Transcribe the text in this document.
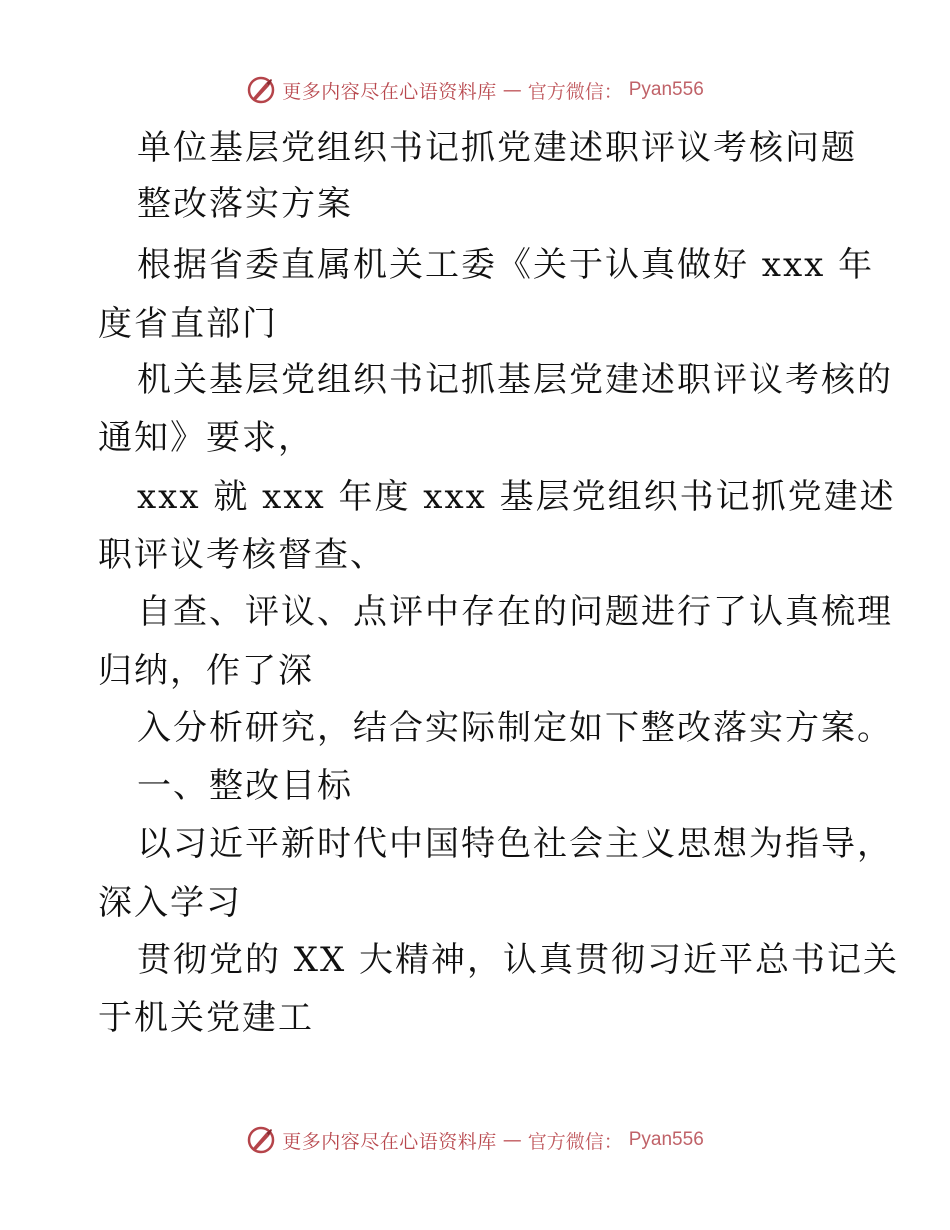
更多内容尽在心语资料库 — 官方微信： Pyan556
单位基层党组织书记抓党建述职评议考核问题
整改落实方案
根据省委直属机关工委《关于认真做好 xxx 年
度省直部门
机关基层党组织书记抓基层党建述职评议考核的
通知》要求，
xxx 就 xxx 年度 xxx 基层党组织书记抓党建述
职评议考核督查、
自查、评议、点评中存在的问题进行了认真梳理
归纳，作了深
入分析研究，结合实际制定如下整改落实方案。
一、整改目标
以习近平新时代中国特色社会主义思想为指导，
深入学习
贯彻党的 XX 大精神，认真贯彻习近平总书记关
于机关党建工
更多内容尽在心语资料库 — 官方微信： Pyan556
